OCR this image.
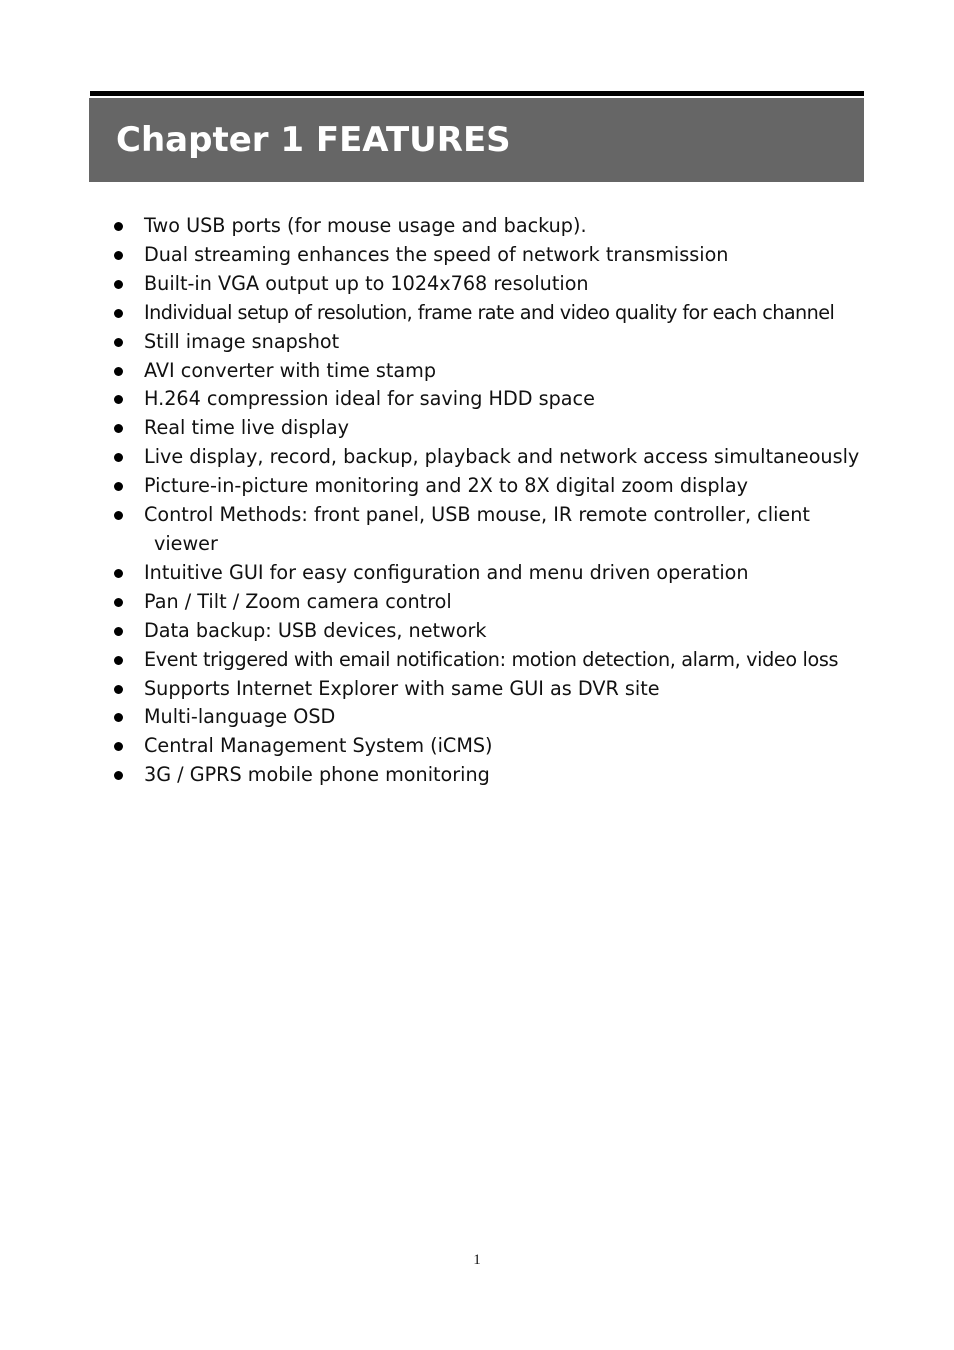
Chapter 1 FEATURES
Two USB ports (for mouse usage and backup).
Dual streaming enhances the speed of network transmission
Built-in VGA output up to 1024x768 resolution
Individual setup of resolution, frame rate and video quality for each channel
Still image snapshot
AVI converter with time stamp
H.264 compression ideal for saving HDD space
Real time live display
Live display, record, backup, playback and network access simultaneously
Picture-in-picture monitoring and 2X to 8X digital zoom display
Control Methods: front panel, USB mouse, IR remote controller, client
viewer
Intuitive GUI for easy configuration and menu driven operation
Pan / Tilt / Zoom camera control
Data backup: USB devices, network
Event triggered with email notification: motion detection, alarm, video loss
Supports Internet Explorer with same GUI as DVR site
Multi-language OSD
Central Management System (iCMS)
3G / GPRS mobile phone monitoring
1
